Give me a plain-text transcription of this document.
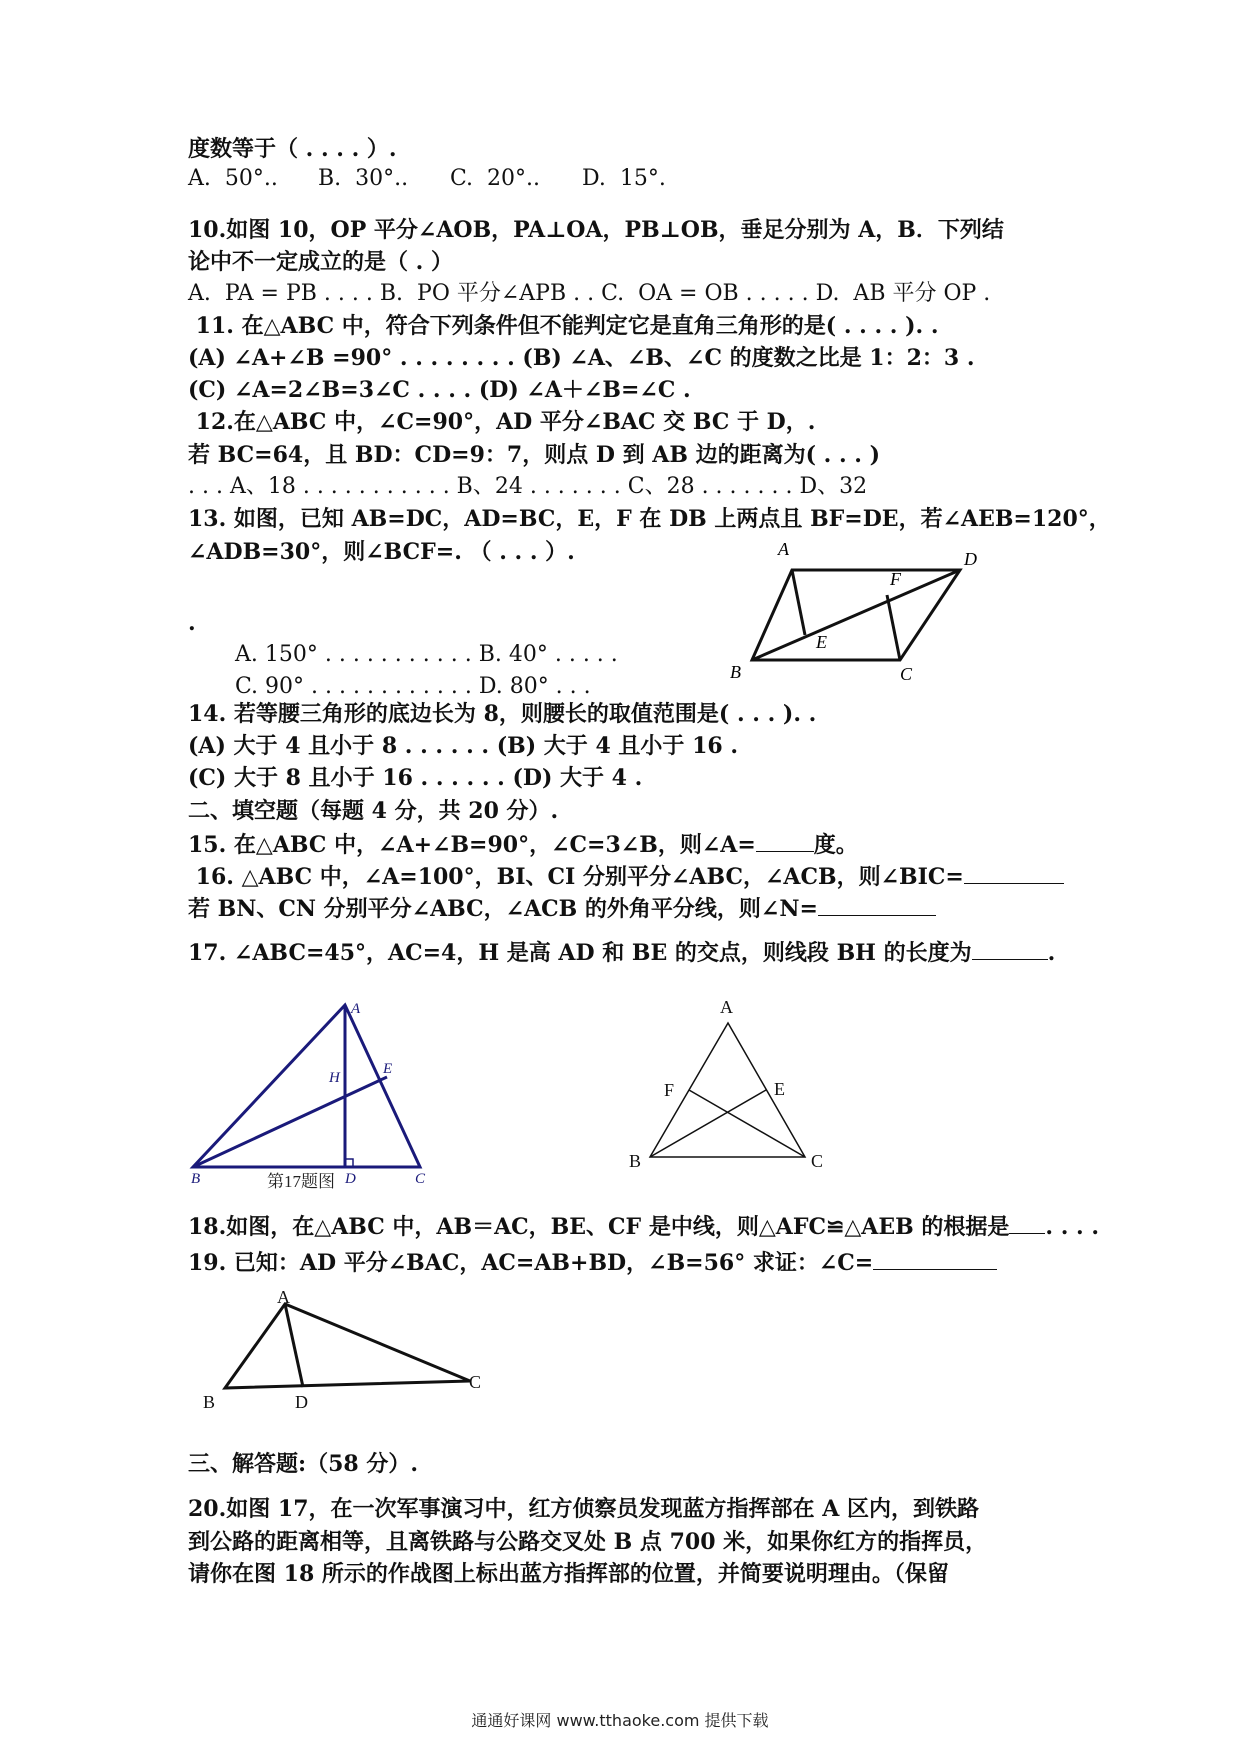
度数等于（ . . . . ）.
A.  50°.. B.  30°.. C.  20°.. D.  15°.
10.如图 10，OP 平分∠AOB，PA⊥OA，PB⊥OB，垂足分别为 A，B．下列结
论中不一定成立的是（ . ）
A.  PA = PB . . . . B.  PO 平分∠APB . . C.  OA = OB . . . . . D.  AB 平分 OP .
11. 在△ABC 中，符合下列条件但不能判定它是直角三角形的是( . . . . ). .
(A) ∠A+∠B =90° . . . . . . . . (B) ∠A、∠B、∠C 的度数之比是 1：2：3 .
(C) ∠A=2∠B=3∠C . . . . (D) ∠A＋∠B=∠C .
12.在△ABC 中，∠C=90°，AD 平分∠BAC 交 BC 于 D，.
若 BC=64，且 BD：CD=9：7，则点 D 到 AB 边的距离为( . . . )
. . . A、18 . . . . . . . . . . . B、24 . . . . . . . C、28 . . . . . . . D、32
13. 如图，已知 AB=DC，AD=BC，E，F 在 DB 上两点且 BF=DE，若∠AEB=120°，
∠ADB=30°，则∠BCF=. （ . . . ）.
.
A. 150° . . . . . . . . . . . B. 40° . . . . .
C. 90° . . . . . . . . . . . . D. 80° . . .
A	D
F
E
B	C
14. 若等腰三角形的底边长为 8，则腰长的取值范围是( . . . ). .
(A) 大于 4 且小于 8 . . . . . . (B) 大于 4 且小于 16 .
(C) 大于 8 且小于 16 . . . . . . (D) 大于 4 .
二、填空题（每题 4 分，共 20 分）.
15. 在△ABC 中，∠A+∠B=90°，∠C=3∠B，则∠A=	度。
16. △ABC 中，∠A=100°，BI、CI 分别平分∠ABC，∠ACB，则∠BIC=
若 BN、CN 分别平分∠ABC，∠ACB 的外角平分线，则∠N=
17. ∠ABC=45°，AC=4，H 是高 AD 和 BE 的交点，则线段 BH 的长度为	.
A
E
H
B	D	C
第17题图
A
F	E
B	C
18.如图，在△ABC 中，AB＝AC，BE、CF 是中线，则△AFC≌△AEB 的根据是 . . . .
19. 已知：AD 平分∠BAC，AC=AB+BD，∠B=56° 求证：∠C=
A
B	D
C
三、解答题:（58 分）.
20.如图 17，在一次军事演习中，红方侦察员发现蓝方指挥部在 A 区内，到铁路
到公路的距离相等，且离铁路与公路交叉处 B 点 700 米，如果你红方的指挥员，
请你在图 18 所示的作战图上标出蓝方指挥部的位置，并简要说明理由。（保留
通通好课网 www.tthaoke.com 提供下载
